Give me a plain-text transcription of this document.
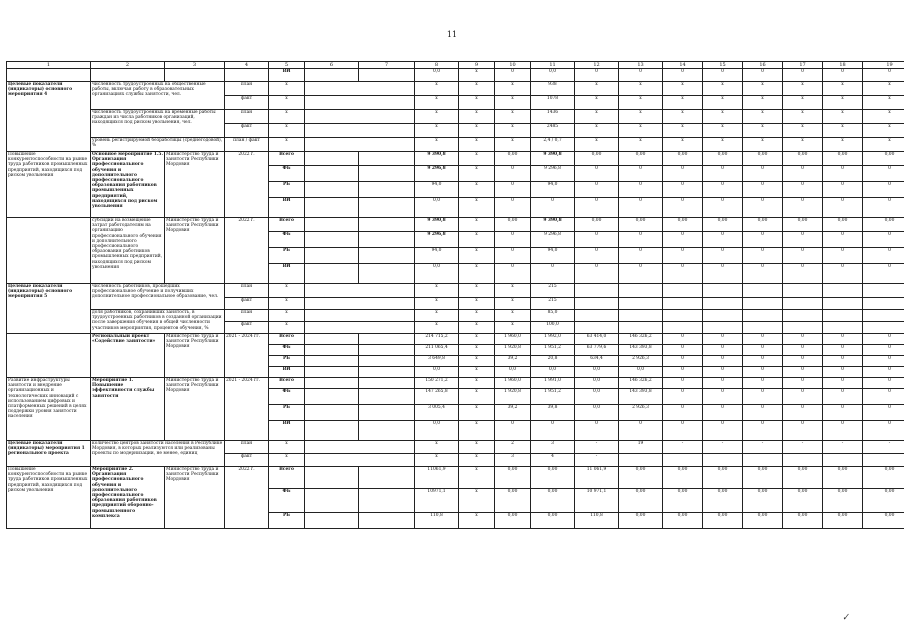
11
1	2	3	4	5	6	7	8	9	10	11	12	13	14	15	16	17	18	19
				ВИ			0,0	x	0	0,0	0	0	0	0	0	0	0	0
Целевые показатели (индикаторы) основного мероприятия 4	численность трудоустроенных на общественные работы, включая работу в образовательных организациях службы занятости, чел.		план	x			x	x	x	938	x	x	x	x	x	x	x	x
			факт	x			x	x	x	1078	x	x	x	x	x	x	x	x
	численность трудоустроенных на временные работы граждан из числа работников организаций, находящихся под риском увольнения, чел.		план	x			x	x	x	1436	x	x	x	x	x	x	x	x
			факт	x			x	x	x	2485	x	x	x	x	x	x	x	x
	уровень регистрируемой безработицы (среднегодовой), %		план / факт	x			x	x	x	2,4 / 0,7	x	x	x	x	x	x	x	x
Повышение конкурентоспособности на рынке труда работников промышленных предприятий, находящихся под риском увольнения	Основное мероприятие 1.5. Организация профессионального обучения и дополнительного профессионального образования работников промышленных предприятий, находящихся под риском увольнения	Министерство труда и занятости Республики Мордовия	2022 г.	Всего			9 390,8	x	0,00	9 390,8	0,00	0,00	0,00	0,00	0,00	0,00	0,00	0,00
				ФБ			9 296,8	x	0	9 296,8	0	0	0	0	0	0	0	0
				РБ			94,0	x	0	94,0	0	0	0	0	0	0	0	0
				ВИ			0,0	x	0	0	0	0	0	0	0	0	0	0
	субсидии на возмещение затрат работодателям на организацию профессионального обучения и дополнительного профессионального образования работников промышленных предприятий, находящихся под риском увольнения	Министерство труда и занятости Республики Мордовия	2022 г.	Всего			9 390,8	x	0,00	9 390,8	0,00	0,00	0,00	0,00	0,00	0,00	0,00	0,00
				ФБ			9 296,8	x	0	9 296,8	0	0	0	0	0	0	0	0
				РБ			94,0	x	0	94,0	0	0	0	0	0	0	0	0
				ВИ			0,0	x	0	0	0	0	0	0	0	0	0	0
Целевые показатели (индикаторы) основного мероприятия 5	численность работников, прошедших профессиональное обучение и получивших дополнительное профессиональное образование, чел.		план	x			x	x	x	215								
			факт	x			x	x	x	215								
	доля работников, сохранивших занятость, в трудоустроенных работников в созданной организации после завершения обучения в общей численности участников мероприятия, процентов обучения, %		план	x			x	x	x	85,0								
			факт	x			x	x	x	100,0								
	Региональный проект «Содействие занятости»	Министерство труда и занятости Республики Мордовия	2021 - 2024 гг.	Всего			214 715,2	x	1 960,0	1 992,0	63 414,0	146 326,2	0	0	0	0	0	0
				ФБ			211 065,4	x	1 920,8	1 951,2	63 779,6	143 393,8	0	0	0	0	0	0
				РБ			3 649,8	x	39,2	20,8	634,4	2 926,3	0	0	0	0	0	0
				ВИ			0,0	x	0,0	0,0	0,0	0,0	0	0	0	0	0	0
Развитие инфраструктуры занятости и внедрение организационных и технологических инноваций с использованием цифровых и платформенных решений в целях поддержки уровня занятости населения	Мероприятие 1. Повышение эффективности службы занятости	Министерство труда и занятости Республики Мордовия	2021 - 2024 гг.	Всего			150 271,2	x	1 960,0	1 991,0	0,0	146 326,2	0	0	0	0	0	0
				ФБ			147 265,8	x	1 920,8	1 951,2	0,0	143 393,8	0	0	0	0	0	0
				РБ			3 005,4	x	39,2	39,8	0,0	2 926,3	0	0	0	0	0	0
				ВИ			0,0	x	0	0	0	0	0	0	0	0	0	0
Целевые показатели (индикаторы) мероприятия 1 регионального проекта	количество центров занятости населения в Республике Мордовия, в которых реализуются или реализованы проекты по модернизации, не менее, единиц		план	x			x	x	2	3	-	19	-	-	-	-	-	-
			факт	x			x	x	3	4	-							
Повышение конкурентоспособности на рынке труда работников промышленных предприятий, находящихся под риском увольнения	Мероприятие 2. Организация профессионального обучения и дополнительного профессионального образования работников предприятий оборонно-промышленного комплекса	Министерство труда и занятости Республики Мордовия	2022 г.	Всего			11061,9	x	0,00	0,00	11 061,9	0,00	0,00	0,00	0,00	0,00	0,00	0,00
				ФБ			10971,1	x	0,00	0,00	10 971,1	0,00	0,00	0,00	0,00	0,00	0,00	0,00
				РБ			110,8	x	0,00	0,00	110,8	0,00	0,00	0,00	0,00	0,00	0,00	0,00
✓
